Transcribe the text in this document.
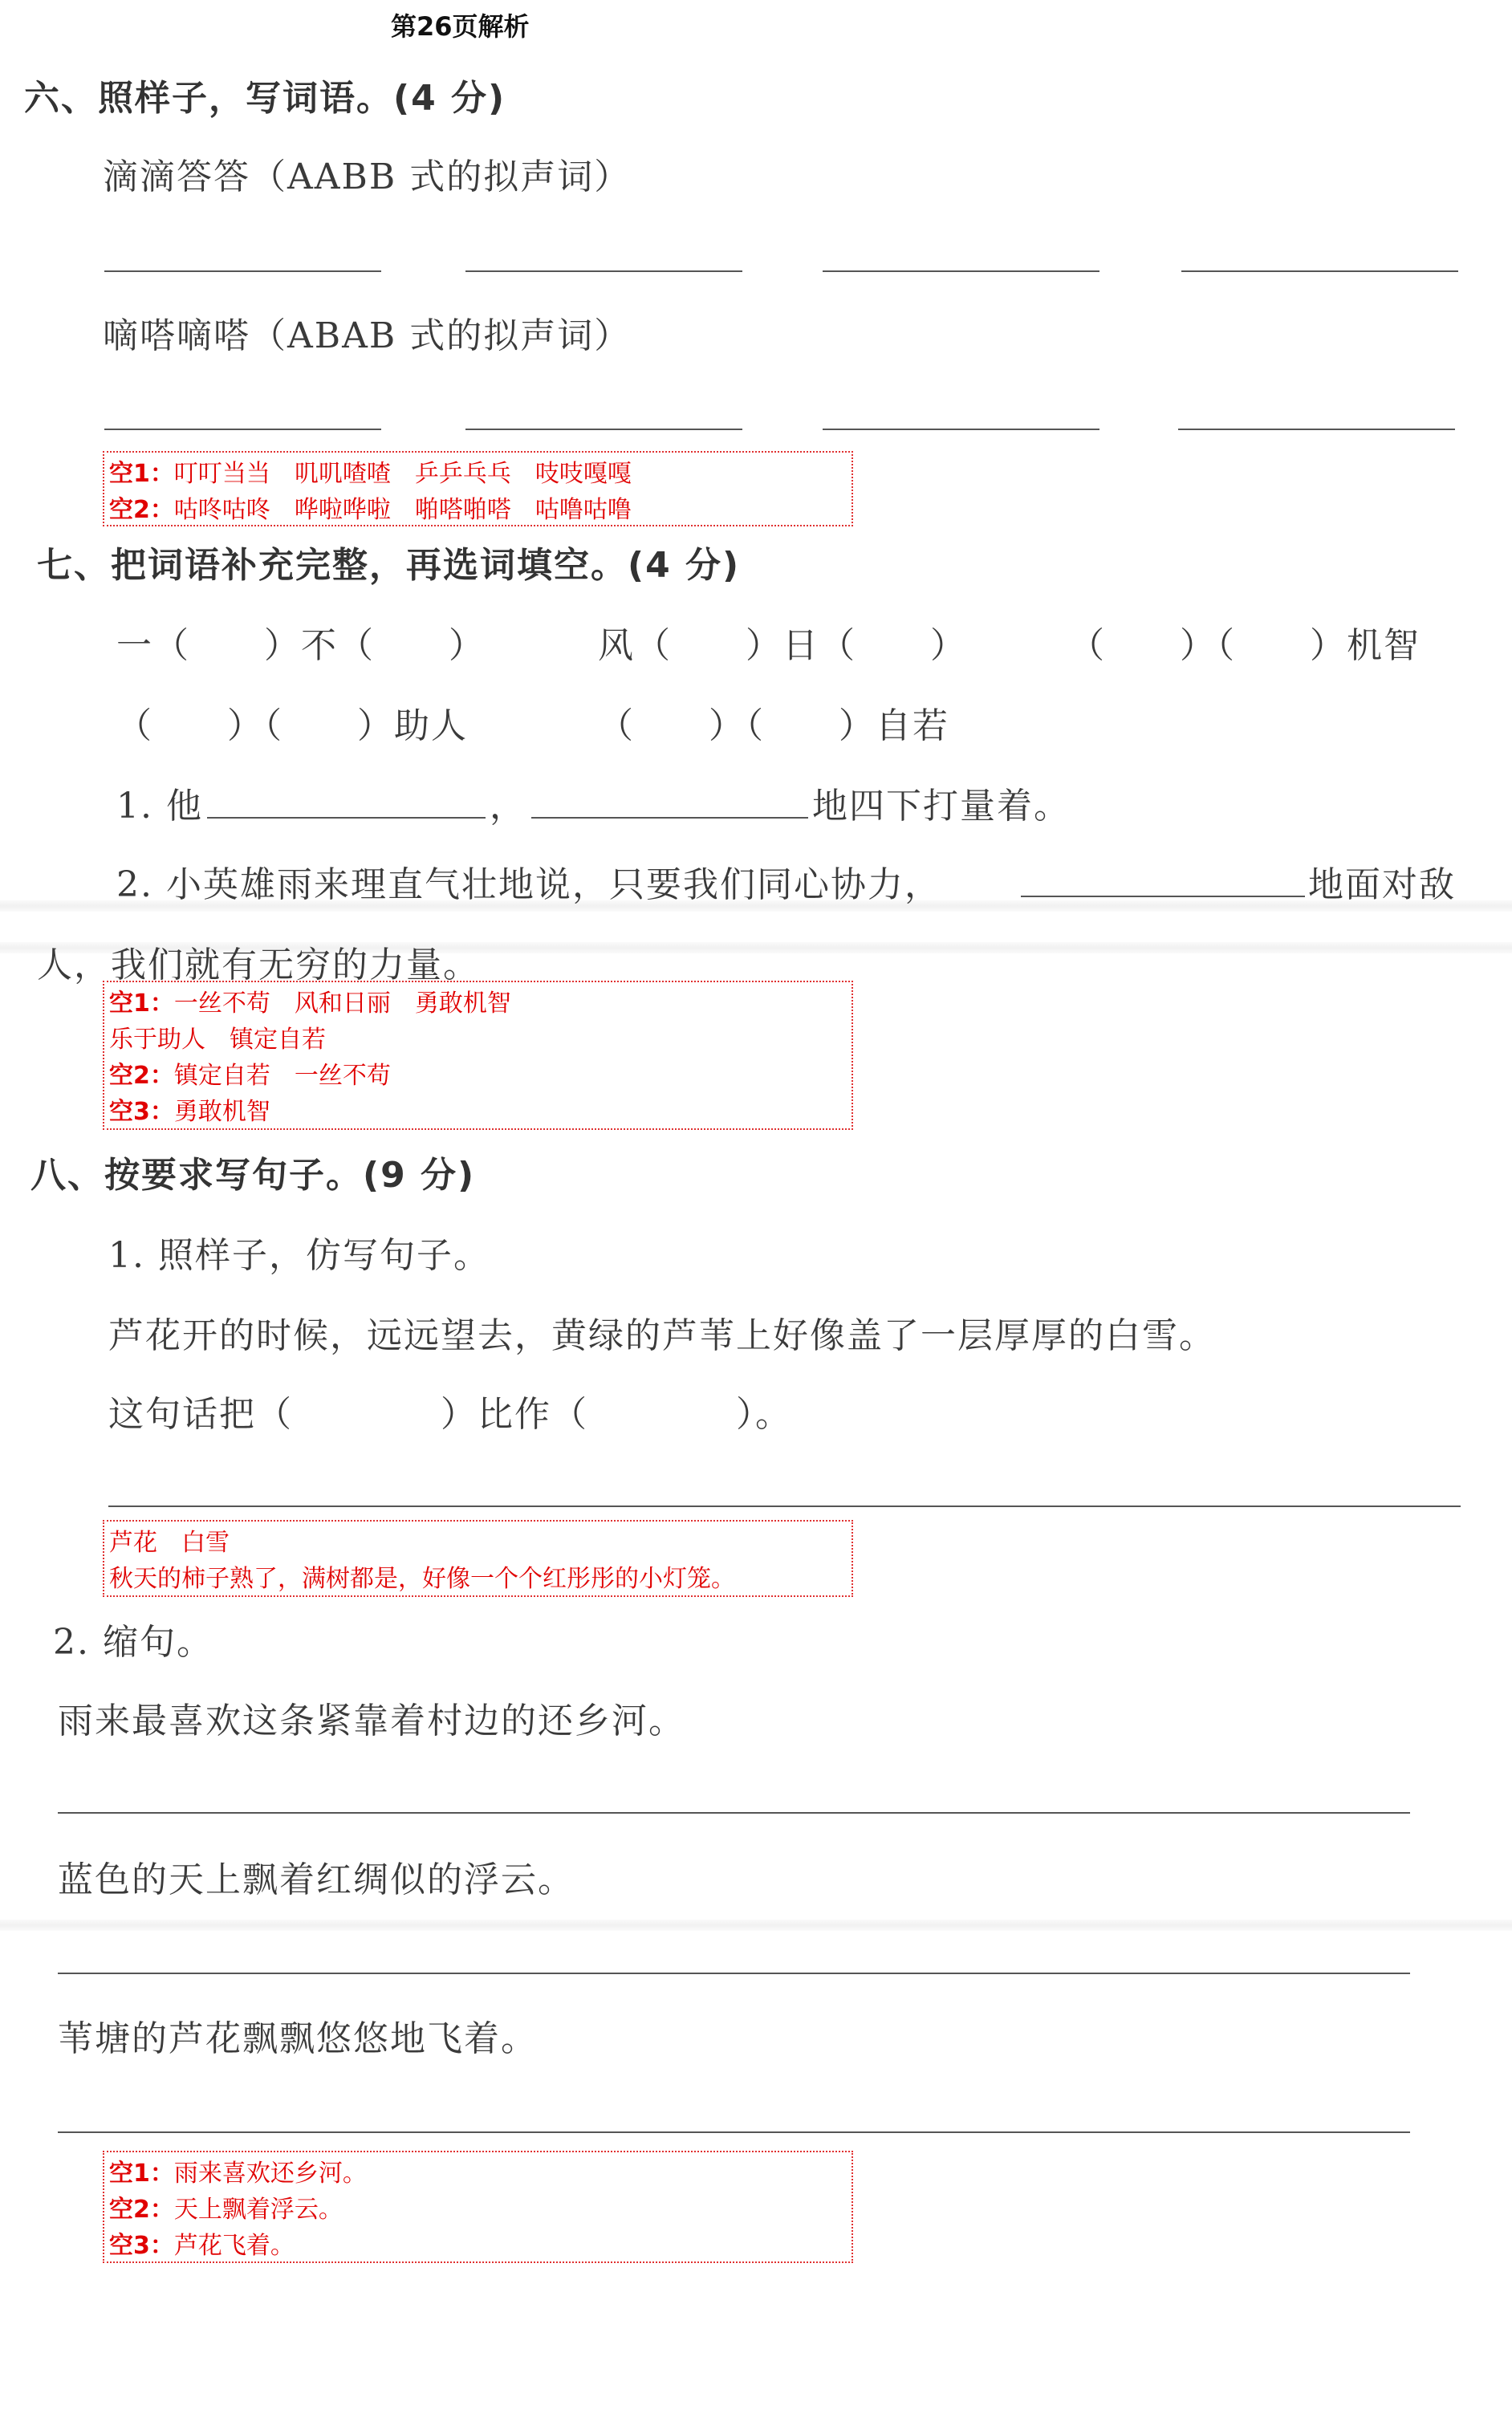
第26页解析
六、照样子，写词语。(4 分)
滴滴答答（AABB 式的拟声词）
嘀嗒嘀嗒（ABAB 式的拟声词）
空1：叮叮当当　叽叽喳喳　乒乒乓乓　吱吱嘎嘎
空2：咕咚咕咚　哗啦哗啦　啪嗒啪嗒　咕噜咕噜
七、把词语补充完整，再选词填空。(4 分)
一（　　）不（　　）	风（　　）日（　　）	（　　）（　　）机智
（　　）（　　）助人	（　　）（　　）自若
1. 他	，	地四下打量着。
2. 小英雄雨来理直气壮地说，只要我们同心协力，	地面对敌
人，我们就有无穷的力量。
空1：一丝不苟　风和日丽　勇敢机智
乐于助人　镇定自若
空2：镇定自若　一丝不苟
空3：勇敢机智
八、按要求写句子。(9 分)
1. 照样子，仿写句子。
芦花开的时候，远远望去，黄绿的芦苇上好像盖了一层厚厚的白雪。
这句话把（　　　　）比作（　　　　）。
芦花　白雪
秋天的柿子熟了，满树都是，好像一个个红彤彤的小灯笼。
2. 缩句。
雨来最喜欢这条紧靠着村边的还乡河。
蓝色的天上飘着红绸似的浮云。
苇塘的芦花飘飘悠悠地飞着。
空1：雨来喜欢还乡河。
空2：天上飘着浮云。
空3：芦花飞着。
